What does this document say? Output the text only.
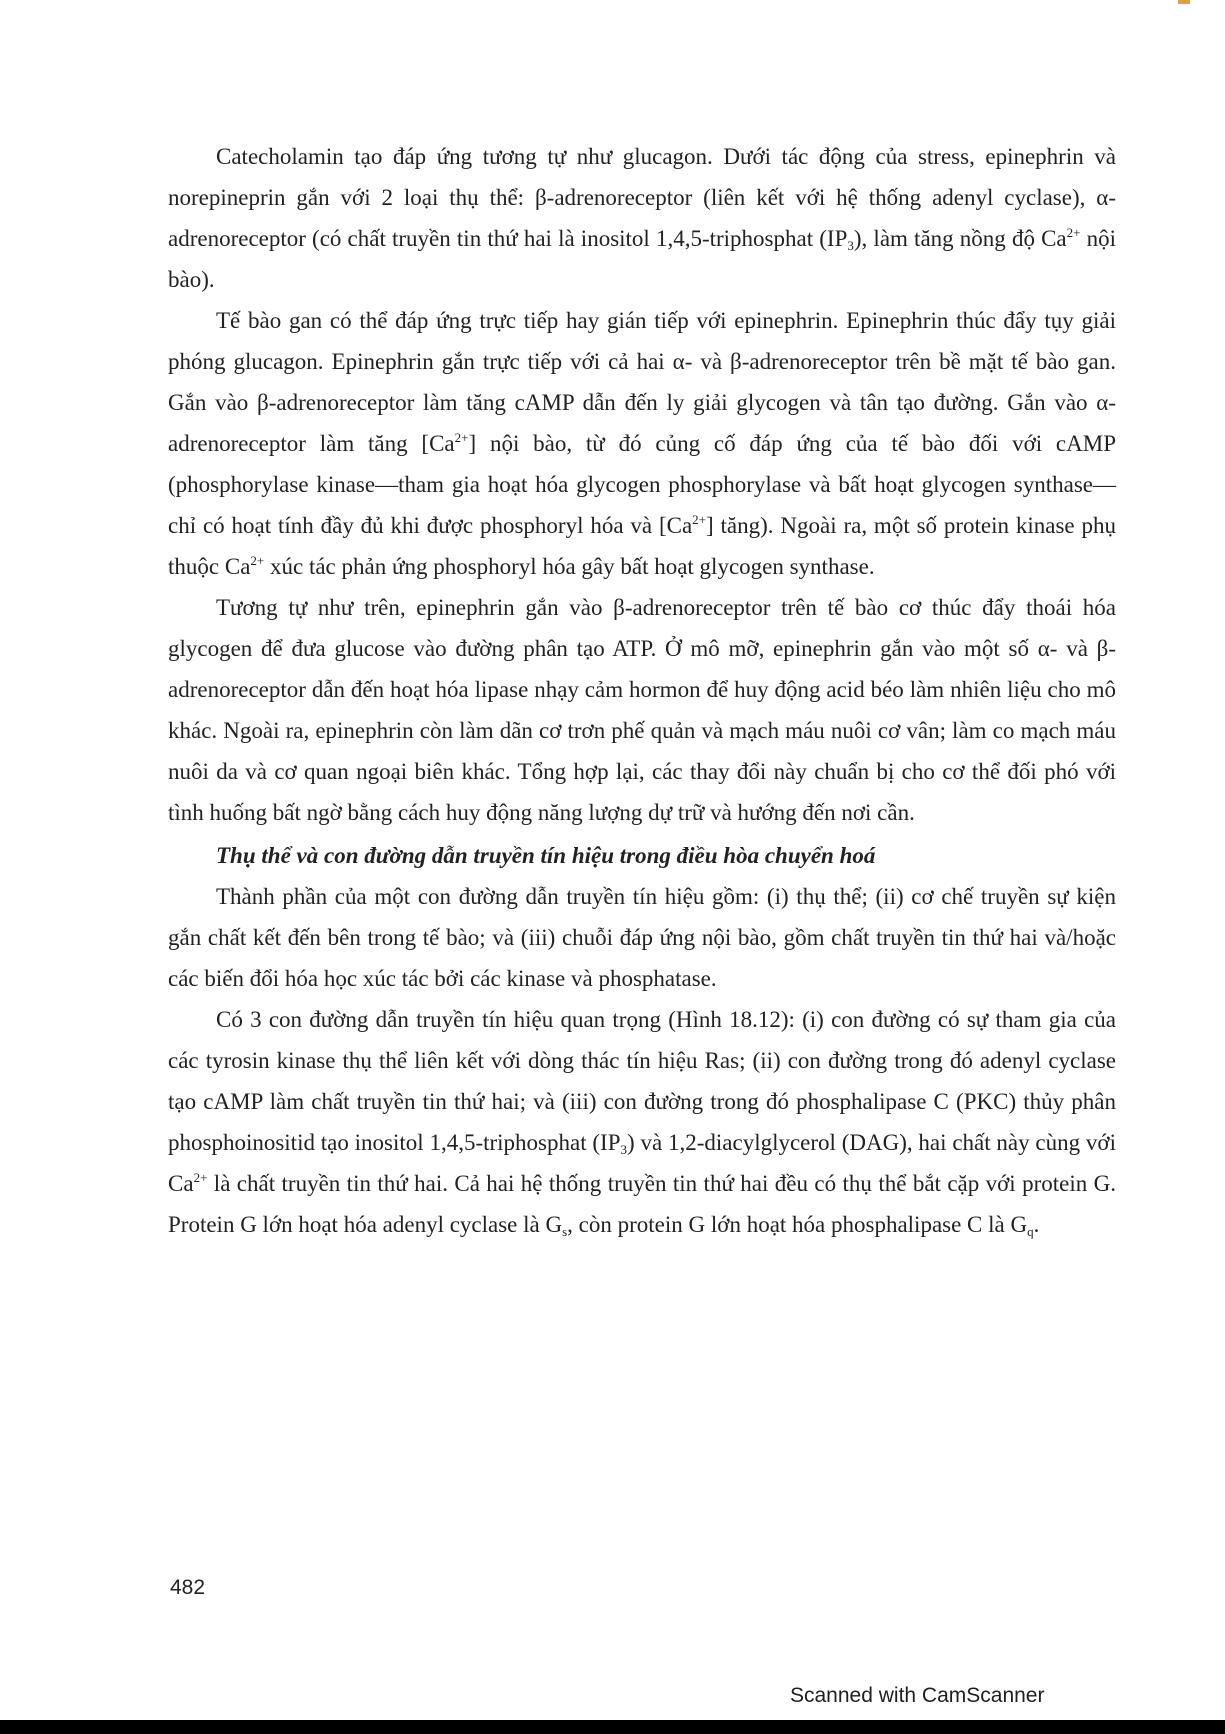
Catecholamin tạo đáp ứng tương tự như glucagon. Dưới tác động của stress, epinephrin và norepineprin gắn với 2 loại thụ thể: β-adrenoreceptor (liên kết với hệ thống adenyl cyclase), α-adrenoreceptor (có chất truyền tin thứ hai là inositol 1,4,5-triphosphat $(IP_3)$, làm tăng nồng độ $Ca^{2+}$ nội bào).

Tế bào gan có thể đáp ứng trực tiếp hay gián tiếp với epinephrin. Epinephrin thúc đẩy tụy giải phóng glucagon. Epinephrin gắn trực tiếp với cả hai α- và β-adrenoreceptor trên bề mặt tế bào gan. Gắn vào β-adrenoreceptor làm tăng cAMP dẫn đến ly giải glycogen và tân tạo đường. Gắn vào α-adrenoreceptor làm tăng $[Ca^{2+}]$ nội bào, từ đó củng cố đáp ứng của tế bào đối với cAMP (phosphorylase kinase—tham gia hoạt hóa glycogen phosphorylase và bất hoạt glycogen synthase—chỉ có hoạt tính đầy đủ khi được phosphoryl hóa và $[Ca^{2+}]$ tăng). Ngoài ra, một số protein kinase phụ thuộc $Ca^{2+}$ xúc tác phản ứng phosphoryl hóa gây bất hoạt glycogen synthase.

Tương tự như trên, epinephrin gắn vào β-adrenoreceptor trên tế bào cơ thúc đẩy thoái hóa glycogen để đưa glucose vào đường phân tạo ATP. Ở mô mỡ, epinephrin gắn vào một số α- và β-adrenoreceptor dẫn đến hoạt hóa lipase nhạy cảm hormon để huy động acid béo làm nhiên liệu cho mô khác. Ngoài ra, epinephrin còn làm dãn cơ trơn phế quản và mạch máu nuôi cơ vân; làm co mạch máu nuôi da và cơ quan ngoại biên khác. Tổng hợp lại, các thay đổi này chuẩn bị cho cơ thể đối phó với tình huống bất ngờ bằng cách huy động năng lượng dự trữ và hướng đến nơi cần.

Thụ thể và con đường dẫn truyền tín hiệu trong điều hòa chuyển hoá

Thành phần của một con đường dẫn truyền tín hiệu gồm: (i) thụ thể; (ii) cơ chế truyền sự kiện gắn chất kết đến bên trong tế bào; và (iii) chuỗi đáp ứng nội bào, gồm chất truyền tin thứ hai và/hoặc các biến đổi hóa học xúc tác bởi các kinase và phosphatase.

Có 3 con đường dẫn truyền tín hiệu quan trọng (Hình 18.12): (i) con đường có sự tham gia của các tyrosin kinase thụ thể liên kết với dòng thác tín hiệu Ras; (ii) con đường trong đó adenyl cyclase tạo cAMP làm chất truyền tin thứ hai; và (iii) con đường trong đó phosphalipase C (PKC) thủy phân phosphoinositid tạo inositol 1,4,5-triphosphat $(IP_3)$ và 1,2-diacylglycerol (DAG), hai chất này cùng với $Ca^{2+}$ là chất truyền tin thứ hai. Cả hai hệ thống truyền tin thứ hai đều có thụ thể bắt cặp với protein G. Protein G lớn hoạt hóa adenyl cyclase là $G_s$, còn protein G lớn hoạt hóa phosphalipase C là $G_q$.

482
Scanned with CamScanner
